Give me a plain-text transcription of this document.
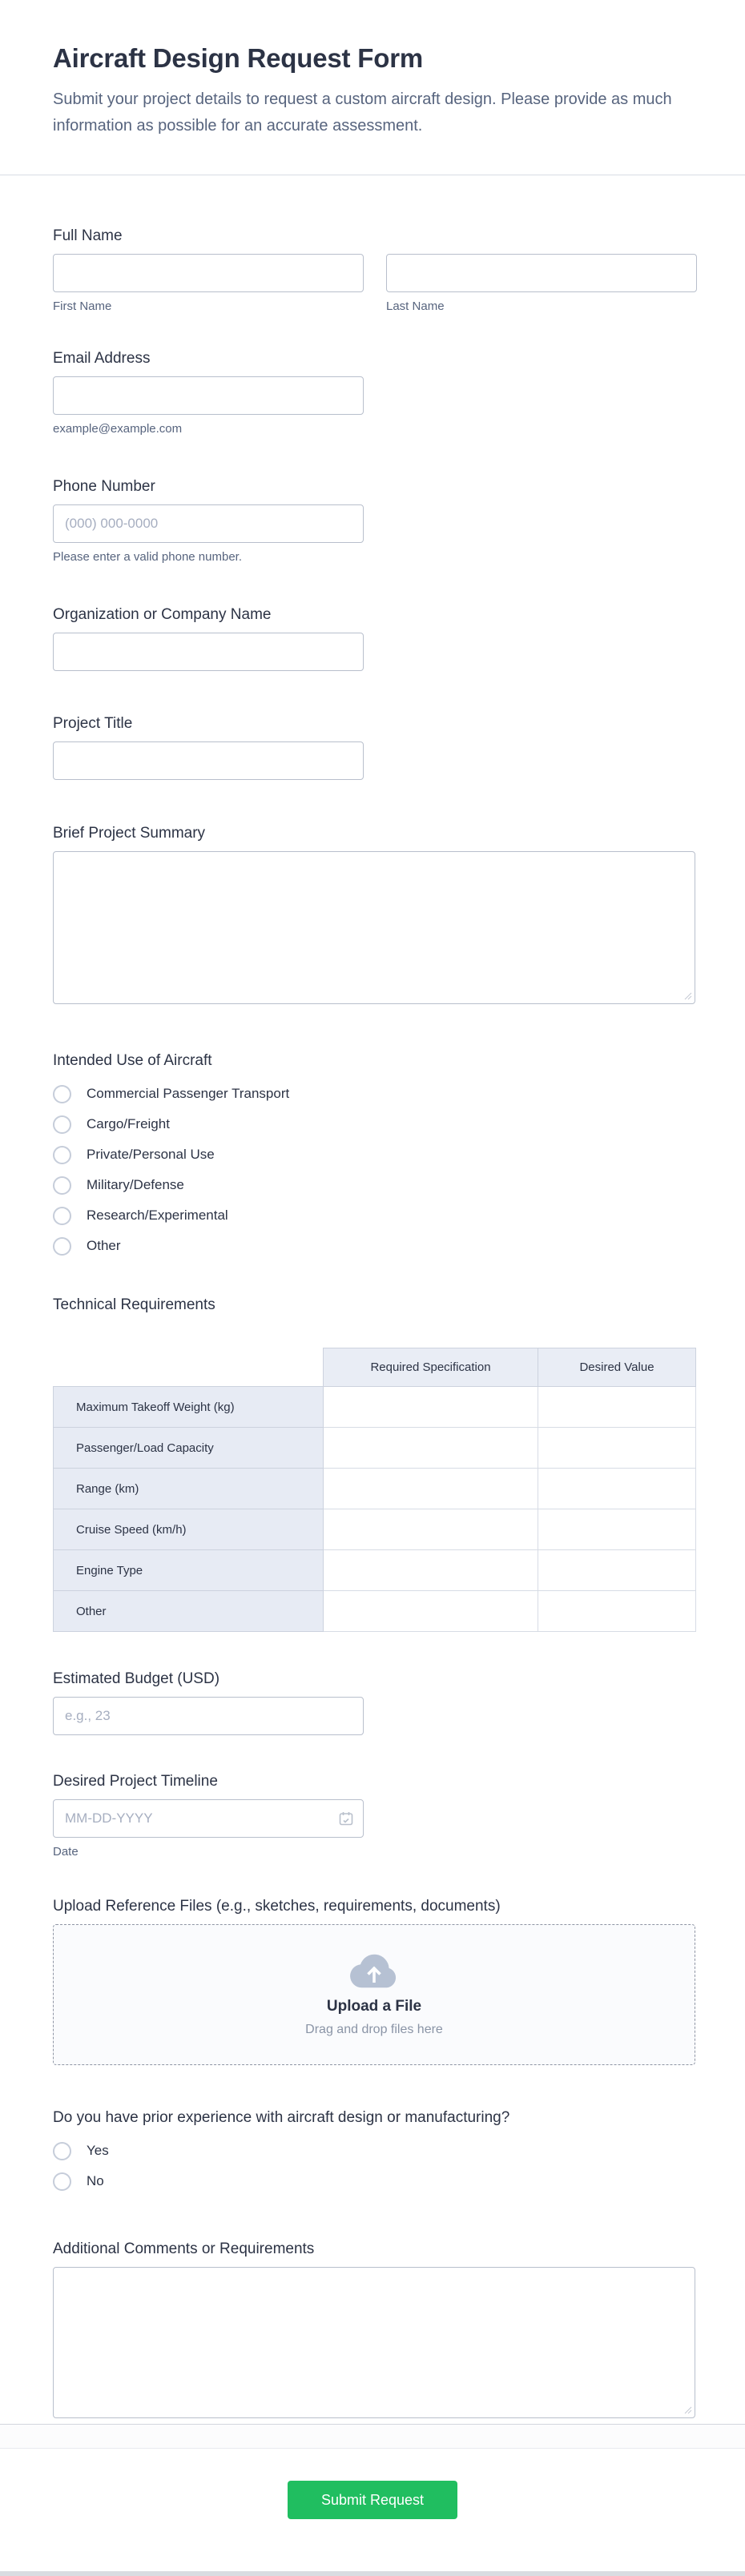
Aircraft Design Request Form

Submit your project details to request a custom aircraft design. Please provide as much information as possible for an accurate assessment.

Full Name
First Name	Last Name
Email Address
example@example.com
Phone Number
(000) 000-0000
Please enter a valid phone number.
Organization or Company Name
Project Title
Brief Project Summary
Intended Use of Aircraft
Commercial Passenger Transport
Cargo/Freight
Private/Personal Use
Military/Defense
Research/Experimental
Other
Technical Requirements
	Required Specification	Desired Value
Maximum Takeoff Weight (kg)		
Passenger/Load Capacity		
Range (km)		
Cruise Speed (km/h)		
Engine Type		
Other		
Estimated Budget (USD)
e.g., 23
Desired Project Timeline
MM-DD-YYYY
Date
Upload Reference Files (e.g., sketches, requirements, documents)
Upload a File
Drag and drop files here
Do you have prior experience with aircraft design or manufacturing?
Yes
No
Additional Comments or Requirements
Submit Request
